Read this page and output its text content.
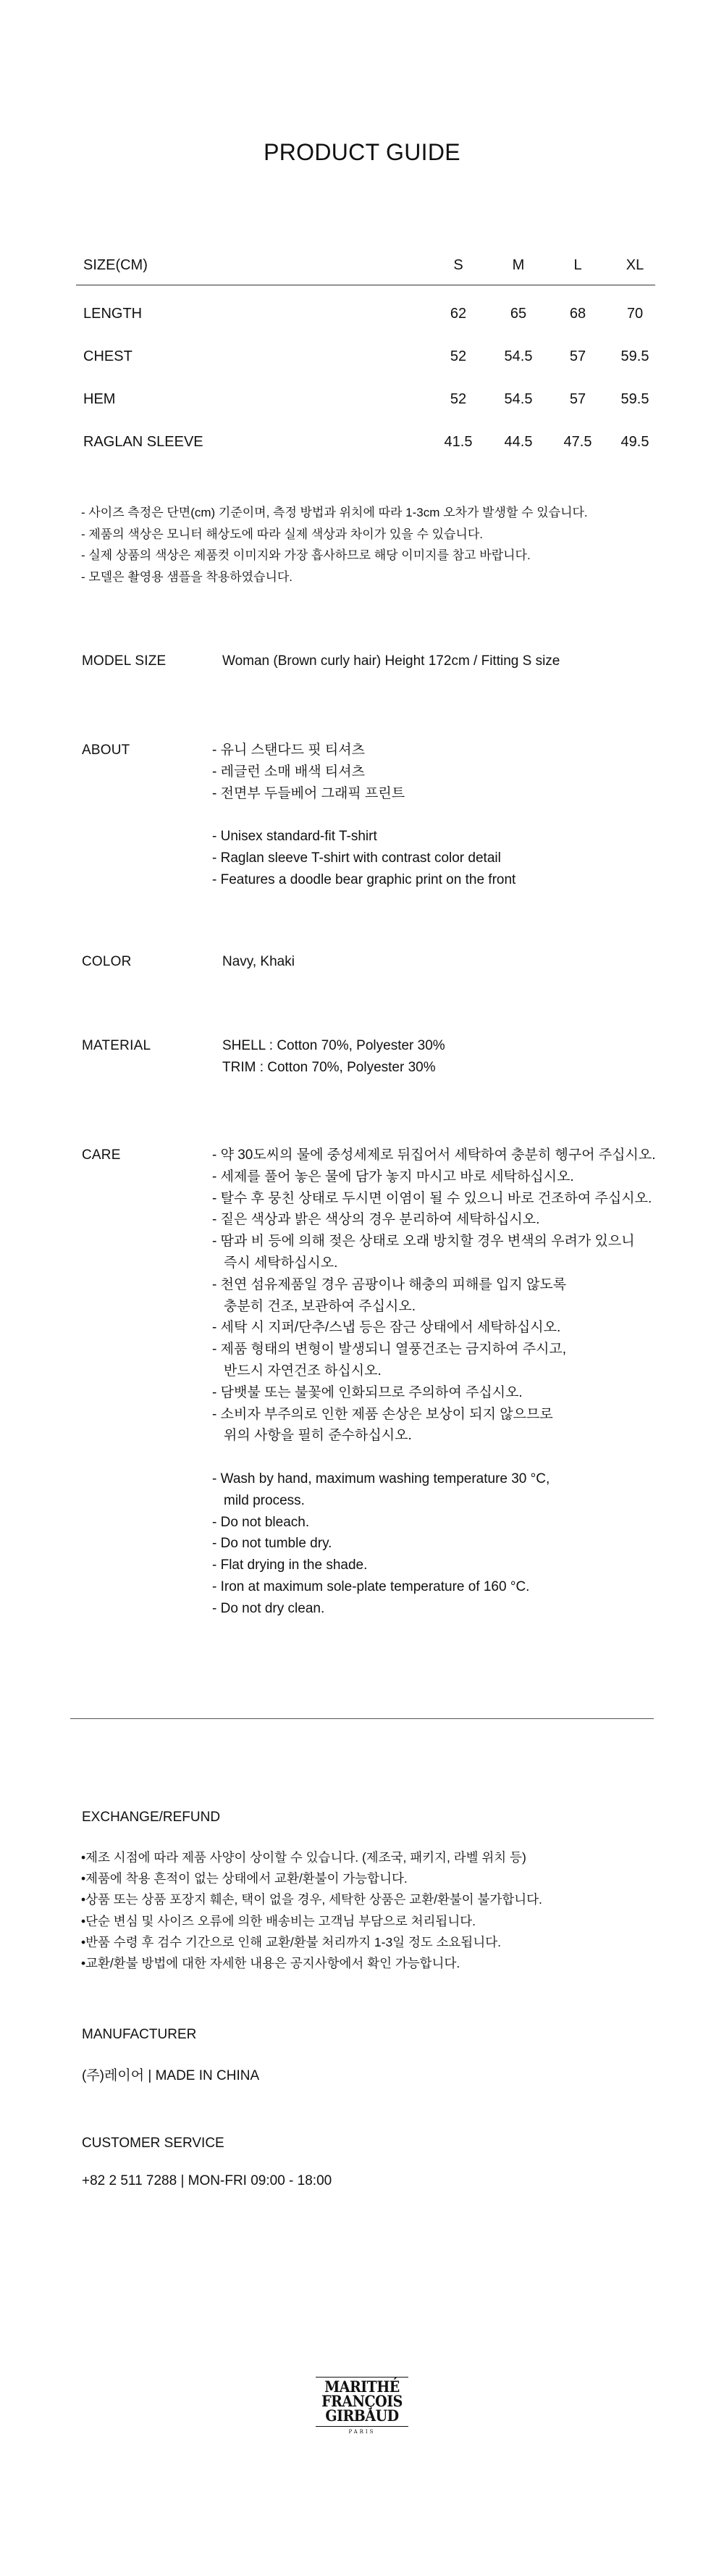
PRODUCT GUIDE
SIZE(CM)	S	M	L	XL
LENGTH	62	65	68	70
CHEST	52	54.5	57	59.5
HEM	52	54.5	57	59.5
RAGLAN SLEEVE	41.5	44.5	47.5	49.5
- 사이즈 측정은 단면(cm) 기준이며, 측정 방법과 위치에 따라 1-3cm 오차가 발생할 수 있습니다.
- 제품의 색상은 모니터 해상도에 따라 실제 색상과 차이가 있을 수 있습니다.
- 실제 상품의 색상은 제품컷 이미지와 가장 흡사하므로 해당 이미지를 참고 바랍니다.
- 모델은 촬영용 샘플을 착용하였습니다.
MODEL SIZE	Woman (Brown curly hair) Height 172cm / Fitting S size
ABOUT	- 유니 스탠다드 핏 티셔츠
- 레글런 소매 배색 티셔츠
- 전면부 두들베어 그래픽 프린트
- Unisex standard-fit T-shirt
- Raglan sleeve T-shirt with contrast color detail
- Features a doodle bear graphic print on the front
COLOR	Navy, Khaki
MATERIAL	SHELL : Cotton 70%, Polyester 30%
TRIM : Cotton 70%, Polyester 30%
CARE	- 약 30도씨의 물에 중성세제로 뒤집어서 세탁하여 충분히 헹구어 주십시오.
- 세제를 풀어 놓은 물에 담가 놓지 마시고 바로 세탁하십시오.
- 탈수 후 뭉친 상태로 두시면 이염이 될 수 있으니 바로 건조하여 주십시오.
- 짙은 색상과 밝은 색상의 경우 분리하여 세탁하십시오.
- 땀과 비 등에 의해 젖은 상태로 오래 방치할 경우 변색의 우려가 있으니
즉시 세탁하십시오.
- 천연 섬유제품일 경우 곰팡이나 해충의 피해를 입지 않도록
충분히 건조, 보관하여 주십시오.
- 세탁 시 지퍼/단추/스냅 등은 잠근 상태에서 세탁하십시오.
- 제품 형태의 변형이 발생되니 열풍건조는 금지하여 주시고,
반드시 자연건조 하십시오.
- 담뱃불 또는 불꽃에 인화되므로 주의하여 주십시오.
- 소비자 부주의로 인한 제품 손상은 보상이 되지 않으므로
위의 사항을 필히 준수하십시오.
- Wash by hand, maximum washing temperature 30 °C,
mild process.
- Do not bleach.
- Do not tumble dry.
- Flat drying in the shade.
- Iron at maximum sole-plate temperature of 160 °C.
- Do not dry clean.
EXCHANGE/REFUND
•제조 시점에 따라 제품 사양이 상이할 수 있습니다. (제조국, 패키지, 라벨 위치 등)
•제품에 착용 흔적이 없는 상태에서 교환/환불이 가능합니다.
•상품 또는 상품 포장지 훼손, 택이 없을 경우, 세탁한 상품은 교환/환불이 불가합니다.
•단순 변심 및 사이즈 오류에 의한 배송비는 고객님 부담으로 처리됩니다.
•반품 수령 후 검수 기간으로 인해 교환/환불 처리까지 1-3일 정도 소요됩니다.
•교환/환불 방법에 대한 자세한 내용은 공지사항에서 확인 가능합니다.
MANUFACTURER
(주)레이어 | MADE IN CHINA
CUSTOMER SERVICE
+82 2 511 7288 | MON-FRI 09:00 - 18:00
MARITHÉ
FRANÇOIS
GIRBAUD
PARIS
